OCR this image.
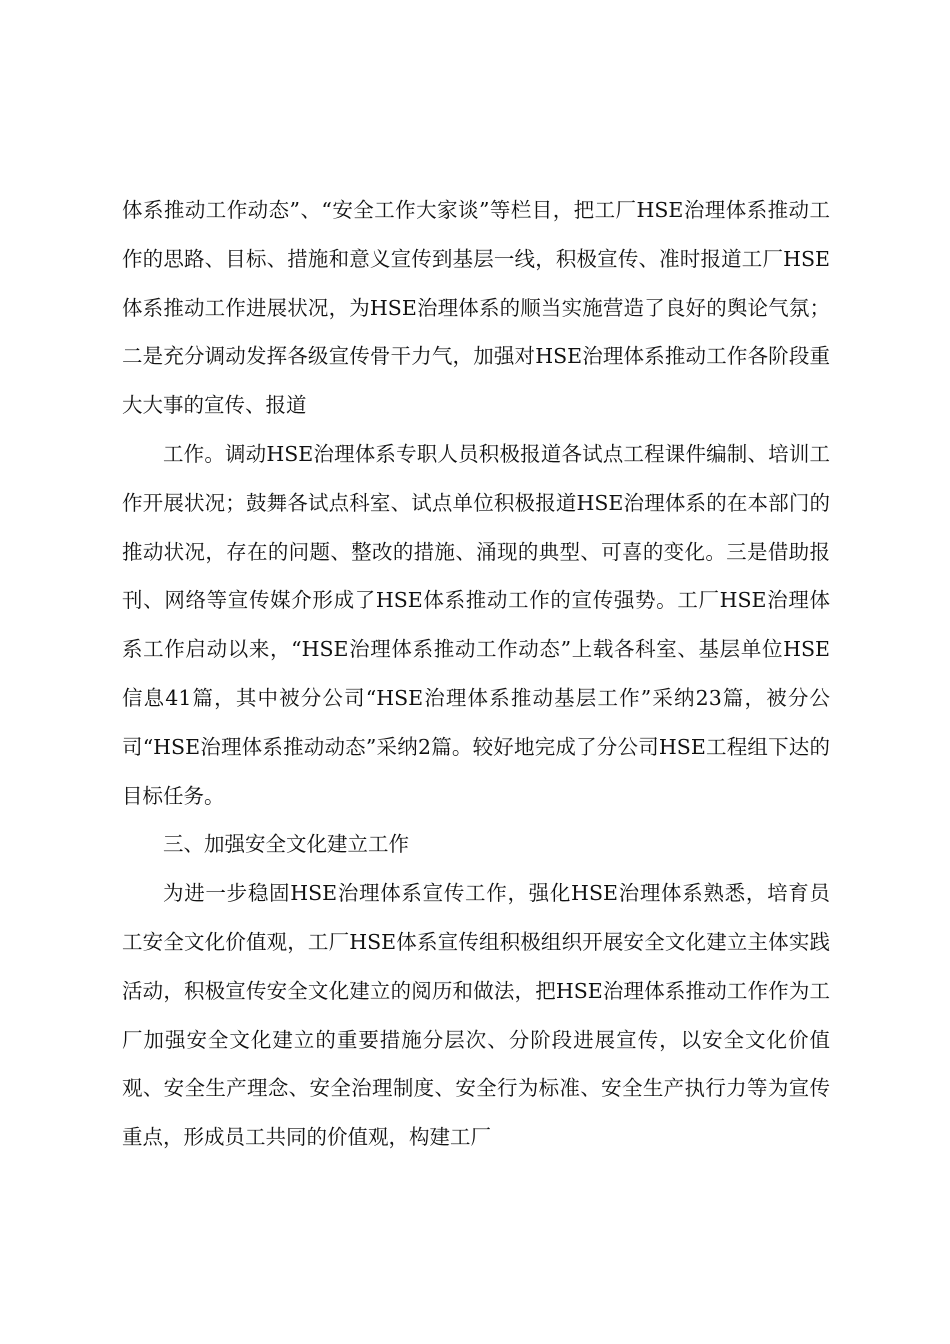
体系推动工作动态”、“安全工作大家谈”等栏目，把工厂HSE治理体系推动工作的思路、目标、措施和意义宣传到基层一线，积极宣传、准时报道工厂HSE体系推动工作进展状况，为HSE治理体系的顺当实施营造了良好的舆论气氛；二是充分调动发挥各级宣传骨干力气，加强对HSE治理体系推动工作各阶段重大大事的宣传、报道

工作。调动HSE治理体系专职人员积极报道各试点工程课件编制、培训工作开展状况；鼓舞各试点科室、试点单位积极报道HSE治理体系的在本部门的推动状况，存在的问题、整改的措施、涌现的典型、可喜的变化。三是借助报刊、网络等宣传媒介形成了HSE体系推动工作的宣传强势。工厂HSE治理体系工作启动以来，“HSE治理体系推动工作动态”上载各科室、基层单位HSE信息41篇，其中被分公司“HSE治理体系推动基层工作”采纳23篇，被分公司“HSE治理体系推动动态”采纳2篇。较好地完成了分公司HSE工程组下达的目标任务。

三、加强安全文化建立工作

为进一步稳固HSE治理体系宣传工作，强化HSE治理体系熟悉，培育员工安全文化价值观，工厂HSE体系宣传组积极组织开展安全文化建立主体实践活动，积极宣传安全文化建立的阅历和做法，把HSE治理体系推动工作作为工厂加强安全文化建立的重要措施分层次、分阶段进展宣传，以安全文化价值观、安全生产理念、安全治理制度、安全行为标准、安全生产执行力等为宣传重点，形成员工共同的价值观，构建工厂
